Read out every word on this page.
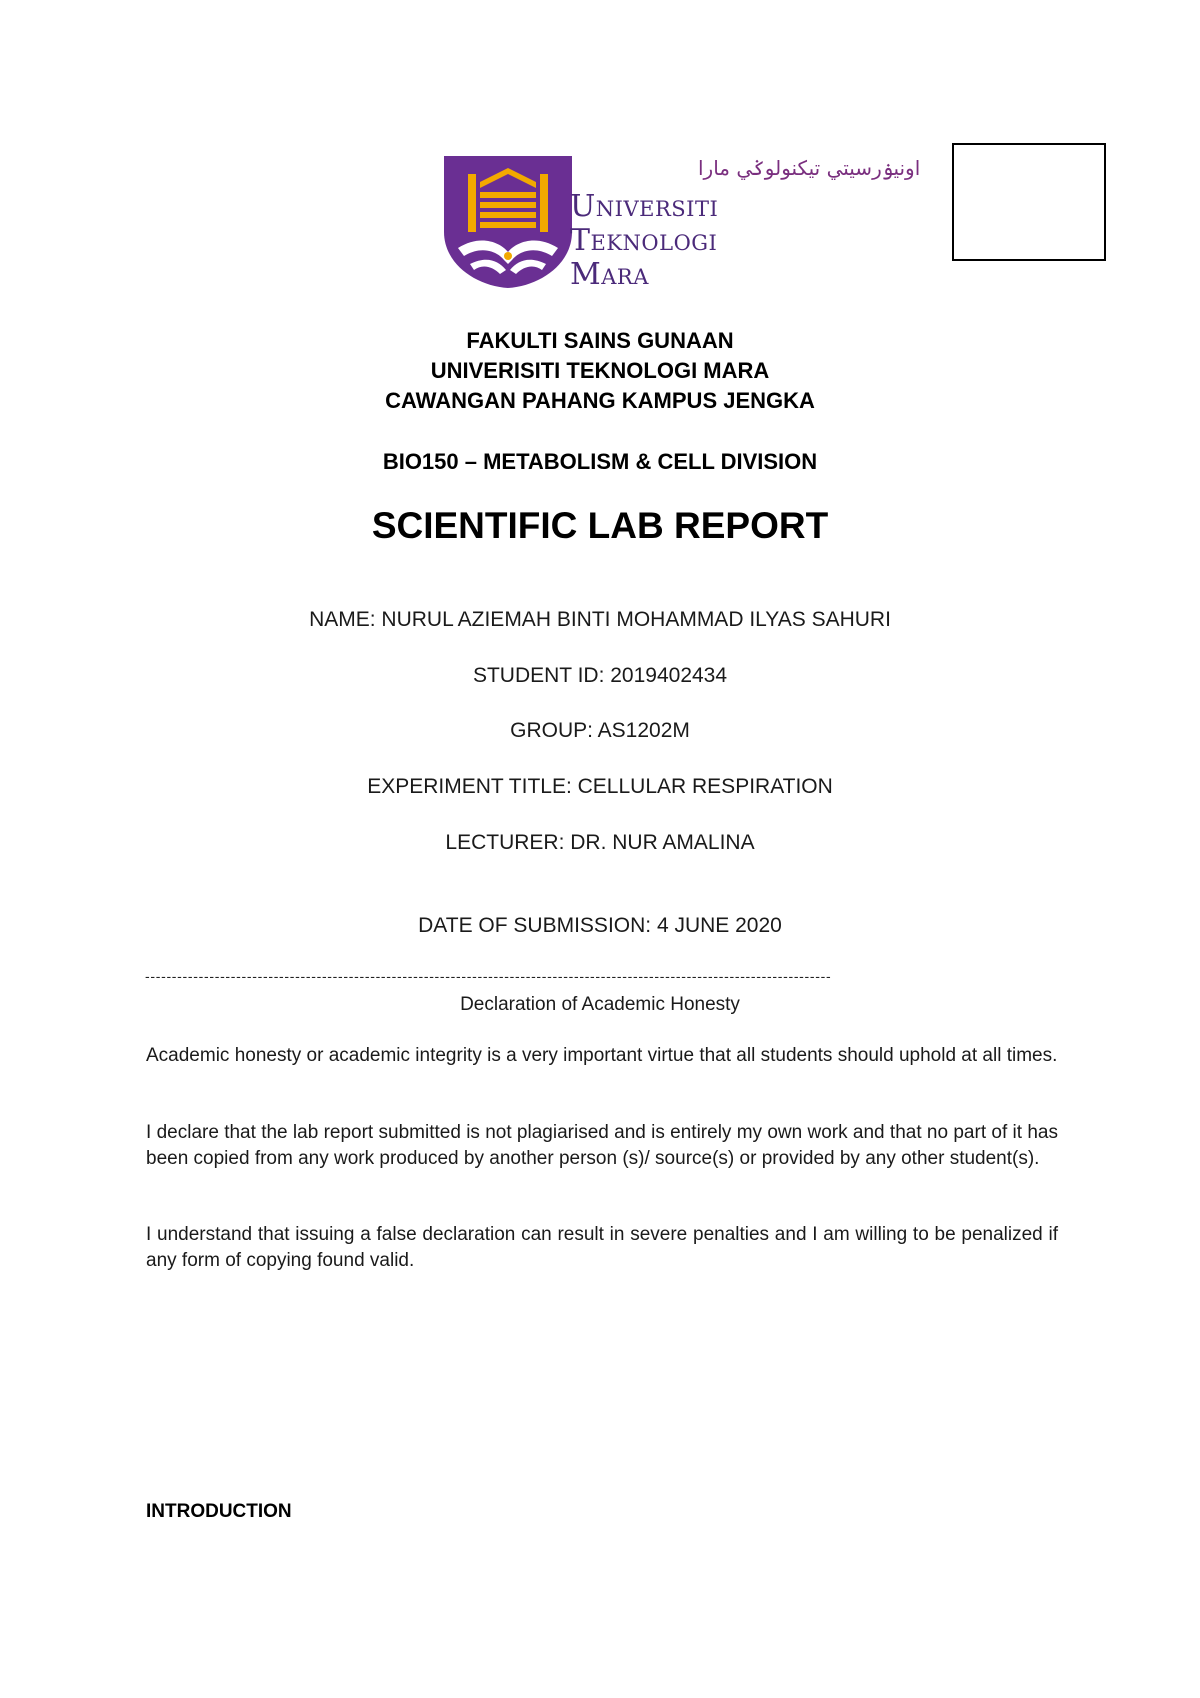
اونيۏرسيتي تيكنولوݢي مارا
Universiti
Teknologi
Mara
FAKULTI SAINS GUNAAN
UNIVERISITI TEKNOLOGI MARA
CAWANGAN PAHANG KAMPUS JENGKA
BIO150 – METABOLISM & CELL DIVISION
SCIENTIFIC LAB REPORT
NAME: NURUL AZIEMAH BINTI MOHAMMAD ILYAS SAHURI
STUDENT ID: 2019402434
GROUP: AS1202M
EXPERIMENT TITLE: CELLULAR RESPIRATION
LECTURER: DR. NUR AMALINA
DATE OF SUBMISSION: 4 JUNE 2020
--------------------------------------------------------------------------------------------------------------------------------
Declaration of Academic Honesty
Academic honesty or academic integrity is a very important virtue that all students should uphold at all times.
I declare that the lab report submitted is not plagiarised and is entirely my own work and that no part of it has been copied from any work produced by another person (s)/ source(s) or provided by any other student(s).
I understand that issuing a false declaration can result in severe penalties and I am willing to be penalized if any form of copying found valid.
INTRODUCTION
